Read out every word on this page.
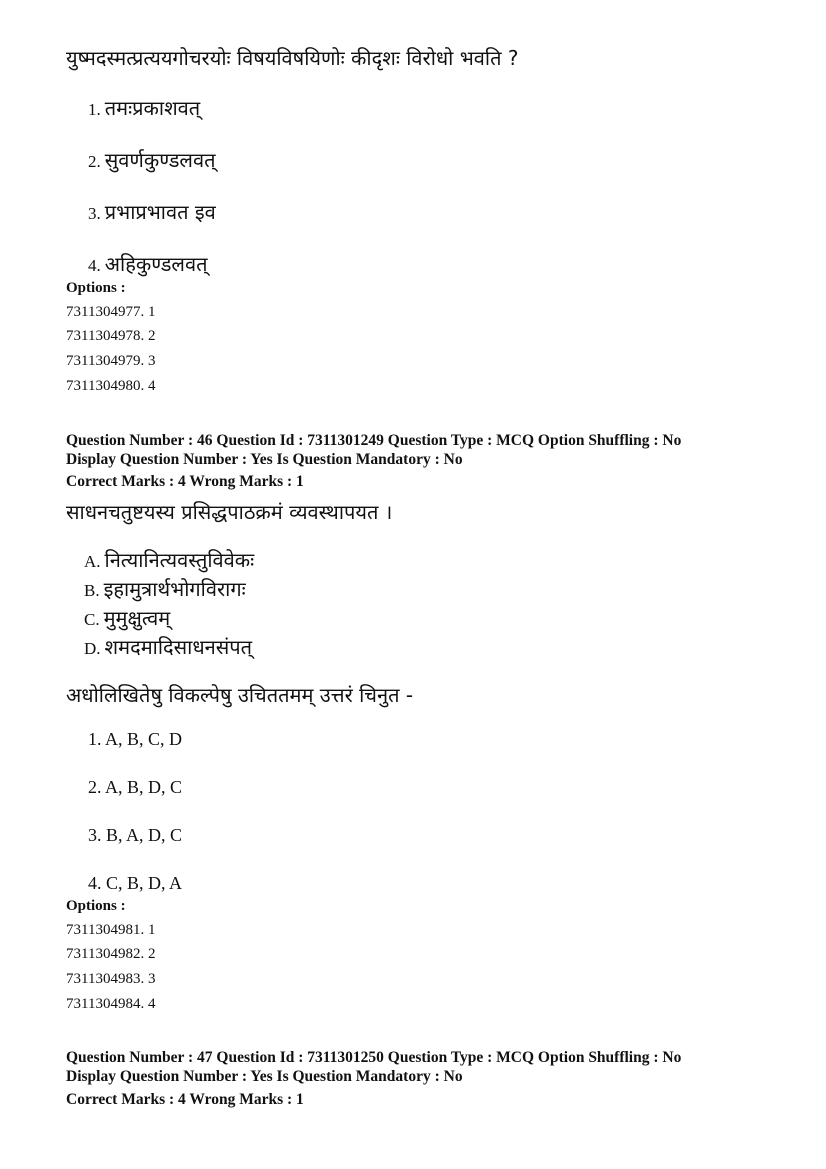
युष्मदस्मत्प्रत्ययगोचरयोः विषयविषयिणोः कीदृशः विरोधो भवति ?
1. तमःप्रकाशवत्
2. सुवर्णकुण्डलवत्
3. प्रभाप्रभावत इव
4. अहिकुण्डलवत्
Options :
7311304977. 1
7311304978. 2
7311304979. 3
7311304980. 4
Question Number : 46 Question Id : 7311301249 Question Type : MCQ Option Shuffling : No
Display Question Number : Yes Is Question Mandatory : No
Correct Marks : 4 Wrong Marks : 1
साधनचतुष्टयस्य प्रसिद्धपाठक्रमं व्यवस्थापयत ।
A. नित्यानित्यवस्तुविवेकः
B. इहामुत्रार्थभोगविरागः
C. मुमुक्षुत्वम्
D. शमदमादिसाधनसंपत्
अधोलिखितेषु विकल्पेषु उचिततमम् उत्तरं चिनुत -
1. A, B, C, D
2. A, B, D, C
3. B, A, D, C
4. C, B, D, A
Options :
7311304981. 1
7311304982. 2
7311304983. 3
7311304984. 4
Question Number : 47 Question Id : 7311301250 Question Type : MCQ Option Shuffling : No
Display Question Number : Yes Is Question Mandatory : No
Correct Marks : 4 Wrong Marks : 1
